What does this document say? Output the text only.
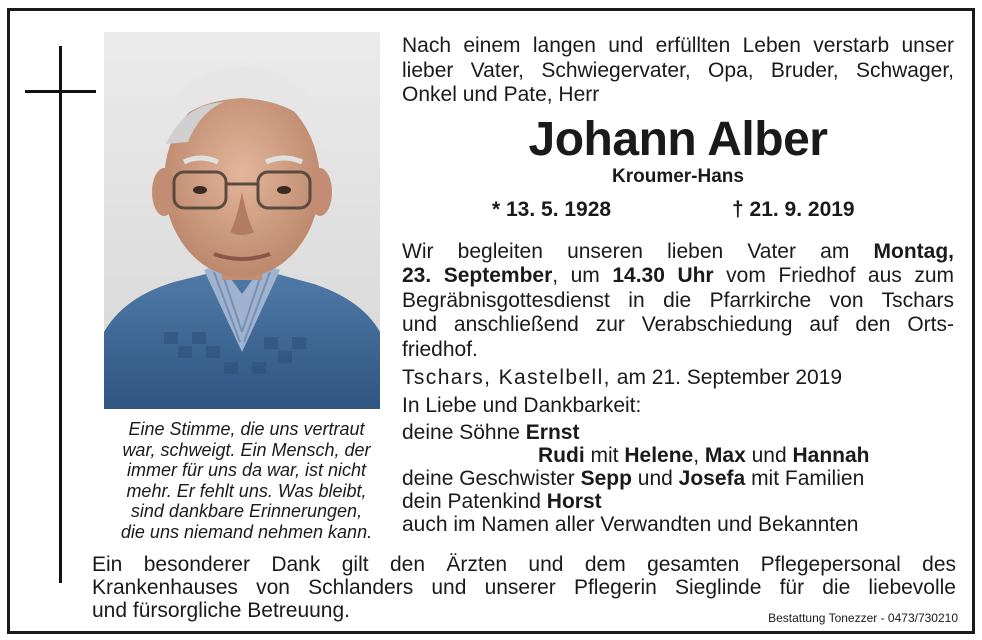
Eine Stimme, die uns vertraut
war, schweigt. Ein Mensch, der
immer für uns da war, ist nicht
mehr. Er fehlt uns. Was bleibt,
sind dankbare Erinnerungen,
die uns niemand nehmen kann.
Nach einem langen und erfüllten Leben verstarb unser
lieber Vater, Schwiegervater, Opa, Bruder, Schwager,
Onkel und Pate, Herr
Johann Alber
Kroumer-Hans
* 13. 5. 1928	† 21. 9. 2019
Wir begleiten unseren lieben Vater am Montag,
23. September, um 14.30 Uhr vom Friedhof aus zum
Begräbnisgottesdienst in die Pfarrkirche von Tschars
und anschließend zur Verabschiedung auf den Orts-
friedhof.
Tschars, Kastelbell, am 21. September 2019
In Liebe und Dankbarkeit:
deine Söhne Ernst
Rudi mit Helene, Max und Hannah
deine Geschwister Sepp und Josefa mit Familien
dein Patenkind Horst
auch im Namen aller Verwandten und Bekannten
Ein besonderer Dank gilt den Ärzten und dem gesamten Pflegepersonal des
Krankenhauses von Schlanders und unserer Pflegerin Sieglinde für die liebevolle
und fürsorgliche Betreuung.	Bestattung Tonezzer - 0473/730210
